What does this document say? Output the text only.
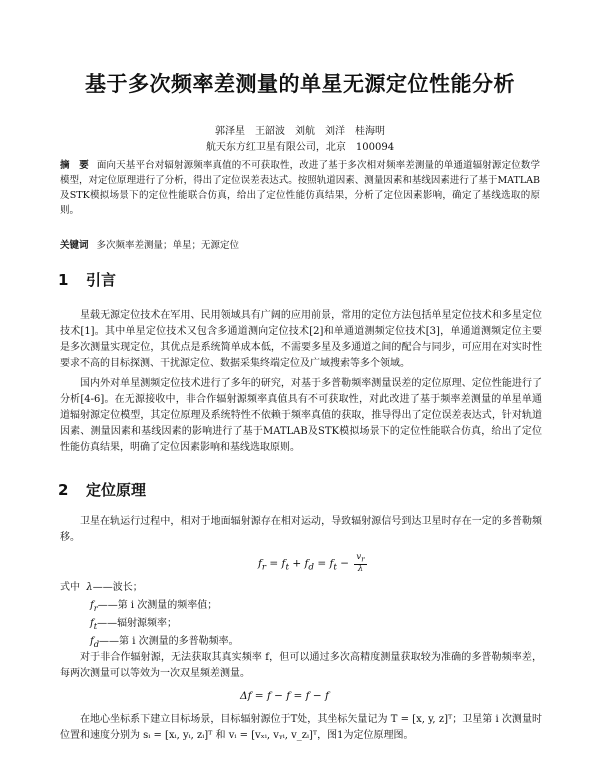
基于多次频率差测量的单星无源定位性能分析
郭泽星　王韶波　刘航　刘洋　桂海明
航天东方红卫星有限公司，北京　100094
摘　要 面向天基平台对辐射源频率真值的不可获取性，改进了基于多次相对频率差测量的单通道辐射源定位数学模型，对定位原理进行了分析，得出了定位误差表达式。按照轨道因素、测量因素和基线因素进行了基于MATLAB及STK模拟场景下的定位性能联合仿真，给出了定位性能仿真结果，分析了定位因素影响，确定了基线选取的原则。
关键词 多次频率差测量；单星；无源定位
1 引言
星载无源定位技术在军用、民用领域具有广阔的应用前景，常用的定位方法包括单星定位技术和多星定位技术[1]。其中单星定位技术又包含多通道测向定位技术[2]和单通道测频定位技术[3]，单通道测频定位主要是多次测量实现定位，其优点是系统简单成本低，不需要多星及多通道之间的配合与同步，可应用在对实时性要求不高的目标探测、干扰源定位、数据采集终端定位及广域搜索等多个领域。
国内外对单星测频定位技术进行了多年的研究，对基于多普勒频率测量误差的定位原理、定位性能进行了分析[4-6]。在无源接收中，非合作辐射源频率真值具有不可获取性，对此改进了基于频率差测量的单星单通道辐射源定位模型，其定位原理及系统特性不依赖于频率真值的获取，推导得出了定位误差表达式，针对轨道因素、测量因素和基线因素的影响进行了基于MATLAB及STK模拟场景下的定位性能联合仿真，给出了定位性能仿真结果，明确了定位因素影响和基线选取原则。
2 定位原理
卫星在轨运行过程中，相对于地面辐射源存在相对运动，导致辐射源信号到达卫星时存在一定的多普勒频移。
$f_r = f_t + f_d = f_t - \frac{v_r}{\lambda}$
式中 λ——波长；
$f_r——$第 i 次测量的频率值；
$f_t——$辐射源频率；
$f_d——$第 i 次测量的多普勒频率。
对于非合作辐射源，无法获取其真实频率 f，但可以通过多次高精度测量获取较为准确的多普勒频率差，每两次测量可以等效为一次双星频差测量。
Δf = f − f = f − f
在地心坐标系下建立目标场景，目标辐射源位于T处，其坐标矢量记为 T = [x, y, z]ᵀ；卫星第 i 次测量时位置和速度分别为 sᵢ = [xᵢ, yᵢ, zᵢ]ᵀ 和 vᵢ = [vₓᵢ, vᵧᵢ, v_zᵢ]ᵀ，图1为定位原理图。
